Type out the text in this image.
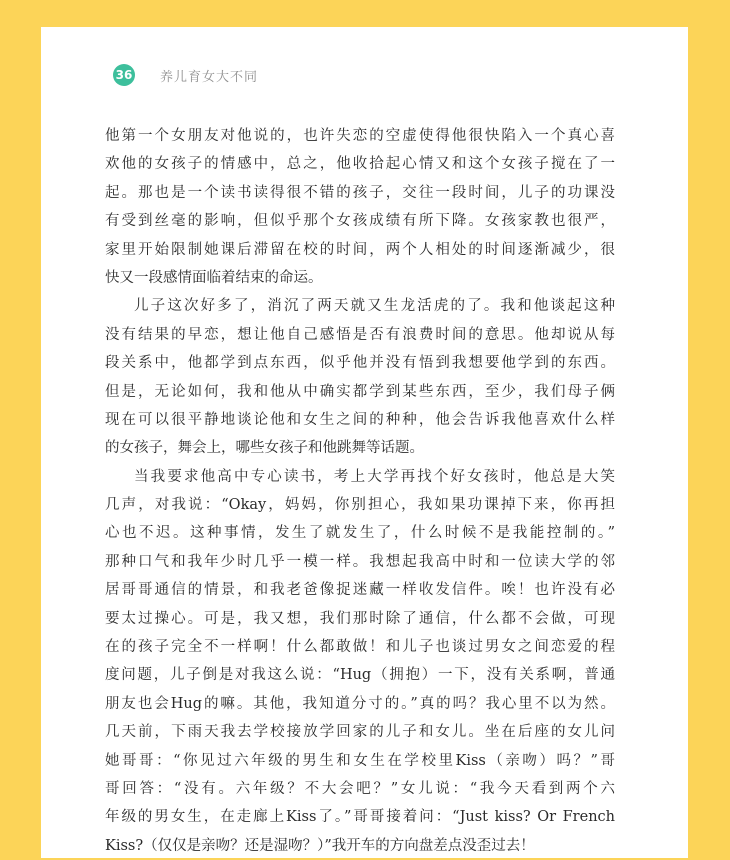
36 养儿育女大不同
他第一个女朋友对他说的，也许失恋的空虚使得他很快陷入一个真心喜
欢他的女孩子的情感中，总之，他收拾起心情又和这个女孩子搅在了一
起。那也是一个读书读得很不错的孩子，交往一段时间，儿子的功课没
有受到丝毫的影响，但似乎那个女孩成绩有所下降。女孩家教也很严，
家里开始限制她课后滞留在校的时间，两个人相处的时间逐渐减少，很
快又一段感情面临着结束的命运。
儿子这次好多了，消沉了两天就又生龙活虎的了。我和他谈起这种
没有结果的早恋，想让他自己感悟是否有浪费时间的意思。他却说从每
段关系中，他都学到点东西，似乎他并没有悟到我想要他学到的东西。
但是，无论如何，我和他从中确实都学到某些东西，至少，我们母子俩
现在可以很平静地谈论他和女生之间的种种，他会告诉我他喜欢什么样
的女孩子，舞会上，哪些女孩子和他跳舞等话题。
当我要求他高中专心读书，考上大学再找个好女孩时，他总是大笑
几声，对我说：“Okay，妈妈，你别担心，我如果功课掉下来，你再担
心也不迟。这种事情，发生了就发生了，什么时候不是我能控制的。”
那种口气和我年少时几乎一模一样。我想起我高中时和一位读大学的邻
居哥哥通信的情景，和我老爸像捉迷藏一样收发信件。唉！也许没有必
要太过操心。可是，我又想，我们那时除了通信，什么都不会做，可现
在的孩子完全不一样啊！什么都敢做！和儿子也谈过男女之间恋爱的程
度问题，儿子倒是对我这么说：“Hug（拥抱）一下，没有关系啊，普通
朋友也会Hug的嘛。其他，我知道分寸的。”真的吗？我心里不以为然。
几天前，下雨天我去学校接放学回家的儿子和女儿。坐在后座的女儿问
她哥哥：“你见过六年级的男生和女生在学校里Kiss（亲吻）吗？”哥
哥回答：“没有。六年级？不大会吧？”女儿说：“我今天看到两个六
年级的男女生，在走廊上Kiss了。”哥哥接着问：“Just kiss? Or French
Kiss?（仅仅是亲吻？还是湿吻？）”我开车的方向盘差点没歪过去！
